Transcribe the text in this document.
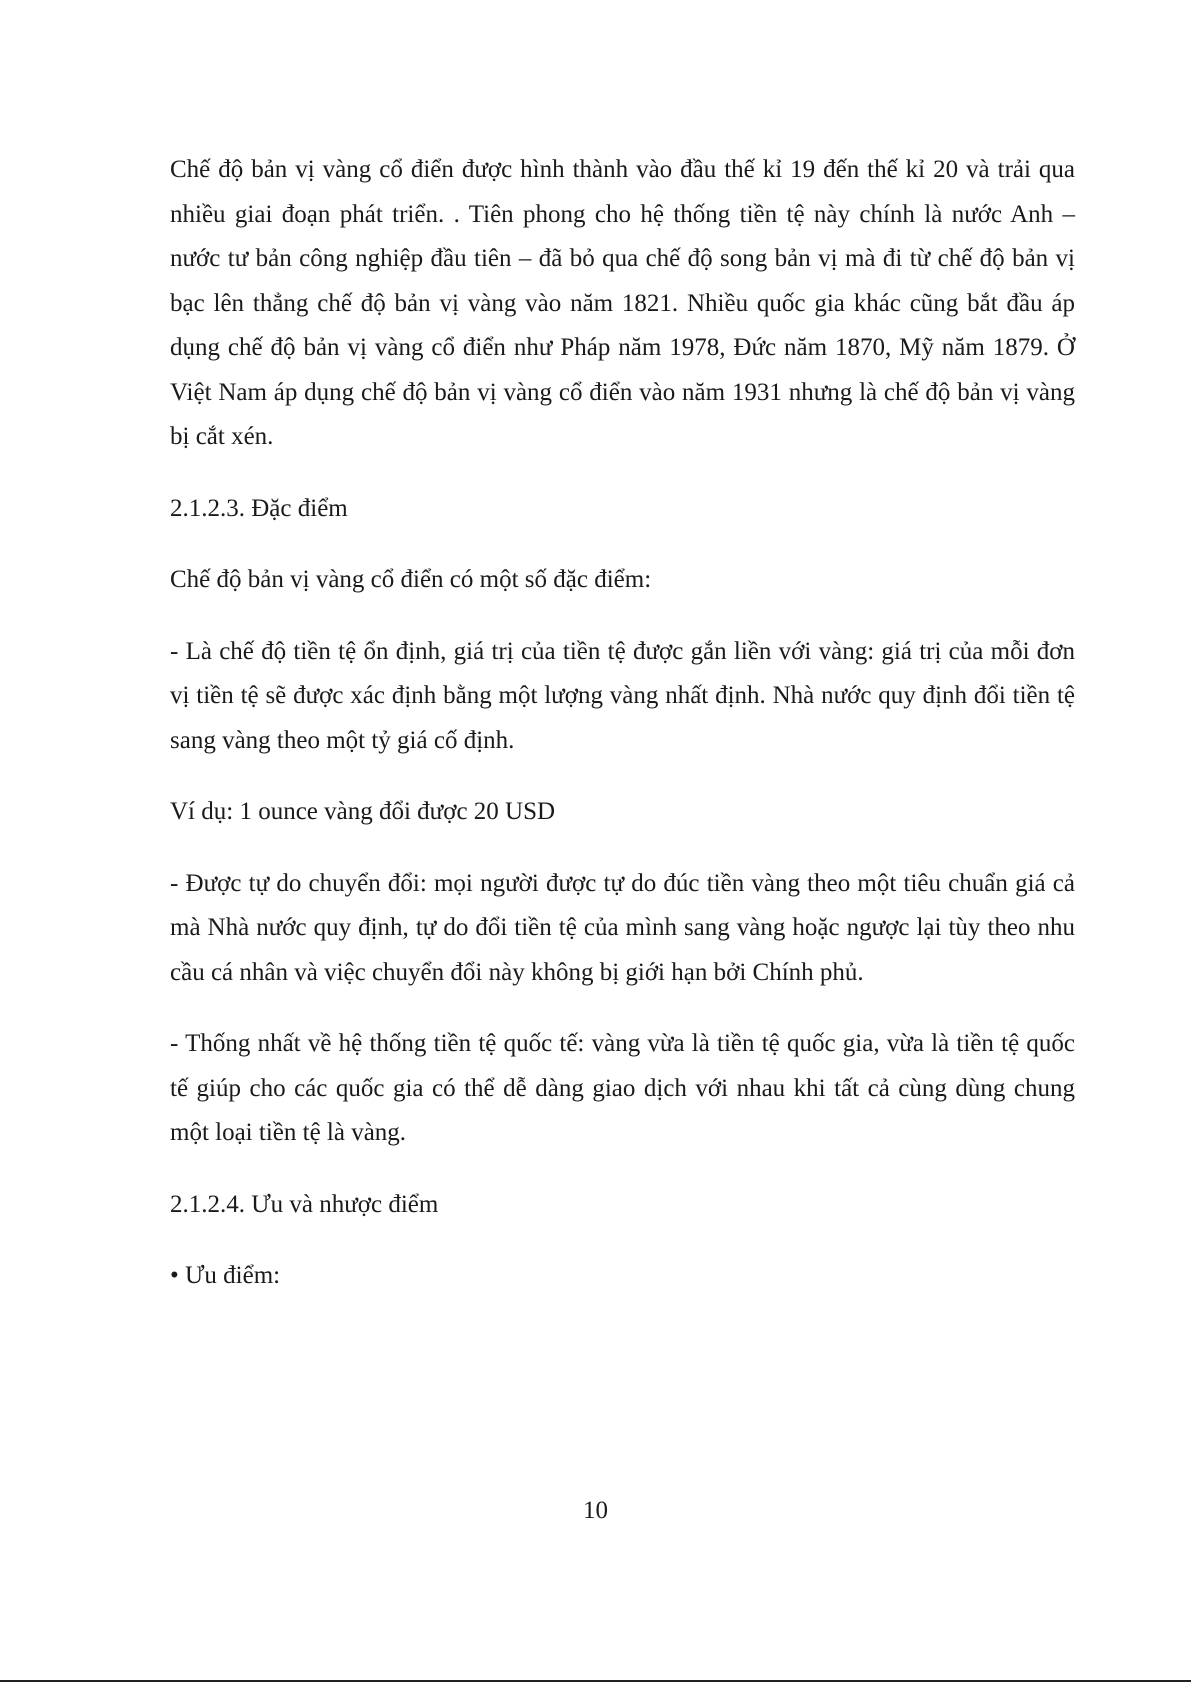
Chế độ bản vị vàng cổ điển được hình thành vào đầu thế kỉ 19 đến thế kỉ 20 và trải qua nhiều giai đoạn phát triển. . Tiên phong cho hệ thống tiền tệ này chính là nước Anh – nước tư bản công nghiệp đầu tiên – đã bỏ qua chế độ song bản vị mà đi từ chế độ bản vị bạc lên thẳng chế độ bản vị vàng vào năm 1821. Nhiều quốc gia khác cũng bắt đầu áp dụng chế độ bản vị vàng cổ điển như Pháp năm 1978, Đức năm 1870, Mỹ năm 1879. Ở Việt Nam áp dụng chế độ bản vị vàng cổ điển vào năm 1931 nhưng là chế độ bản vị vàng bị cắt xén.

2.1.2.3. Đặc điểm

Chế độ bản vị vàng cổ điển có một số đặc điểm:

- Là chế độ tiền tệ ổn định, giá trị của tiền tệ được gắn liền với vàng: giá trị của mỗi đơn vị tiền tệ sẽ được xác định bằng một lượng vàng nhất định. Nhà nước quy định đổi tiền tệ sang vàng theo một tỷ giá cố định.

Ví dụ: 1 ounce vàng đổi được 20 USD

- Được tự do chuyển đổi: mọi người được tự do đúc tiền vàng theo một tiêu chuẩn giá cả mà Nhà nước quy định, tự do đổi tiền tệ của mình sang vàng hoặc ngược lại tùy theo nhu cầu cá nhân và việc chuyển đổi này không bị giới hạn bởi Chính phủ.

- Thống nhất về hệ thống tiền tệ quốc tế: vàng vừa là tiền tệ quốc gia, vừa là tiền tệ quốc tế giúp cho các quốc gia có thể dễ dàng giao dịch với nhau khi tất cả cùng dùng chung một loại tiền tệ là vàng.

2.1.2.4. Ưu và nhược điểm

• Ưu điểm:

10
